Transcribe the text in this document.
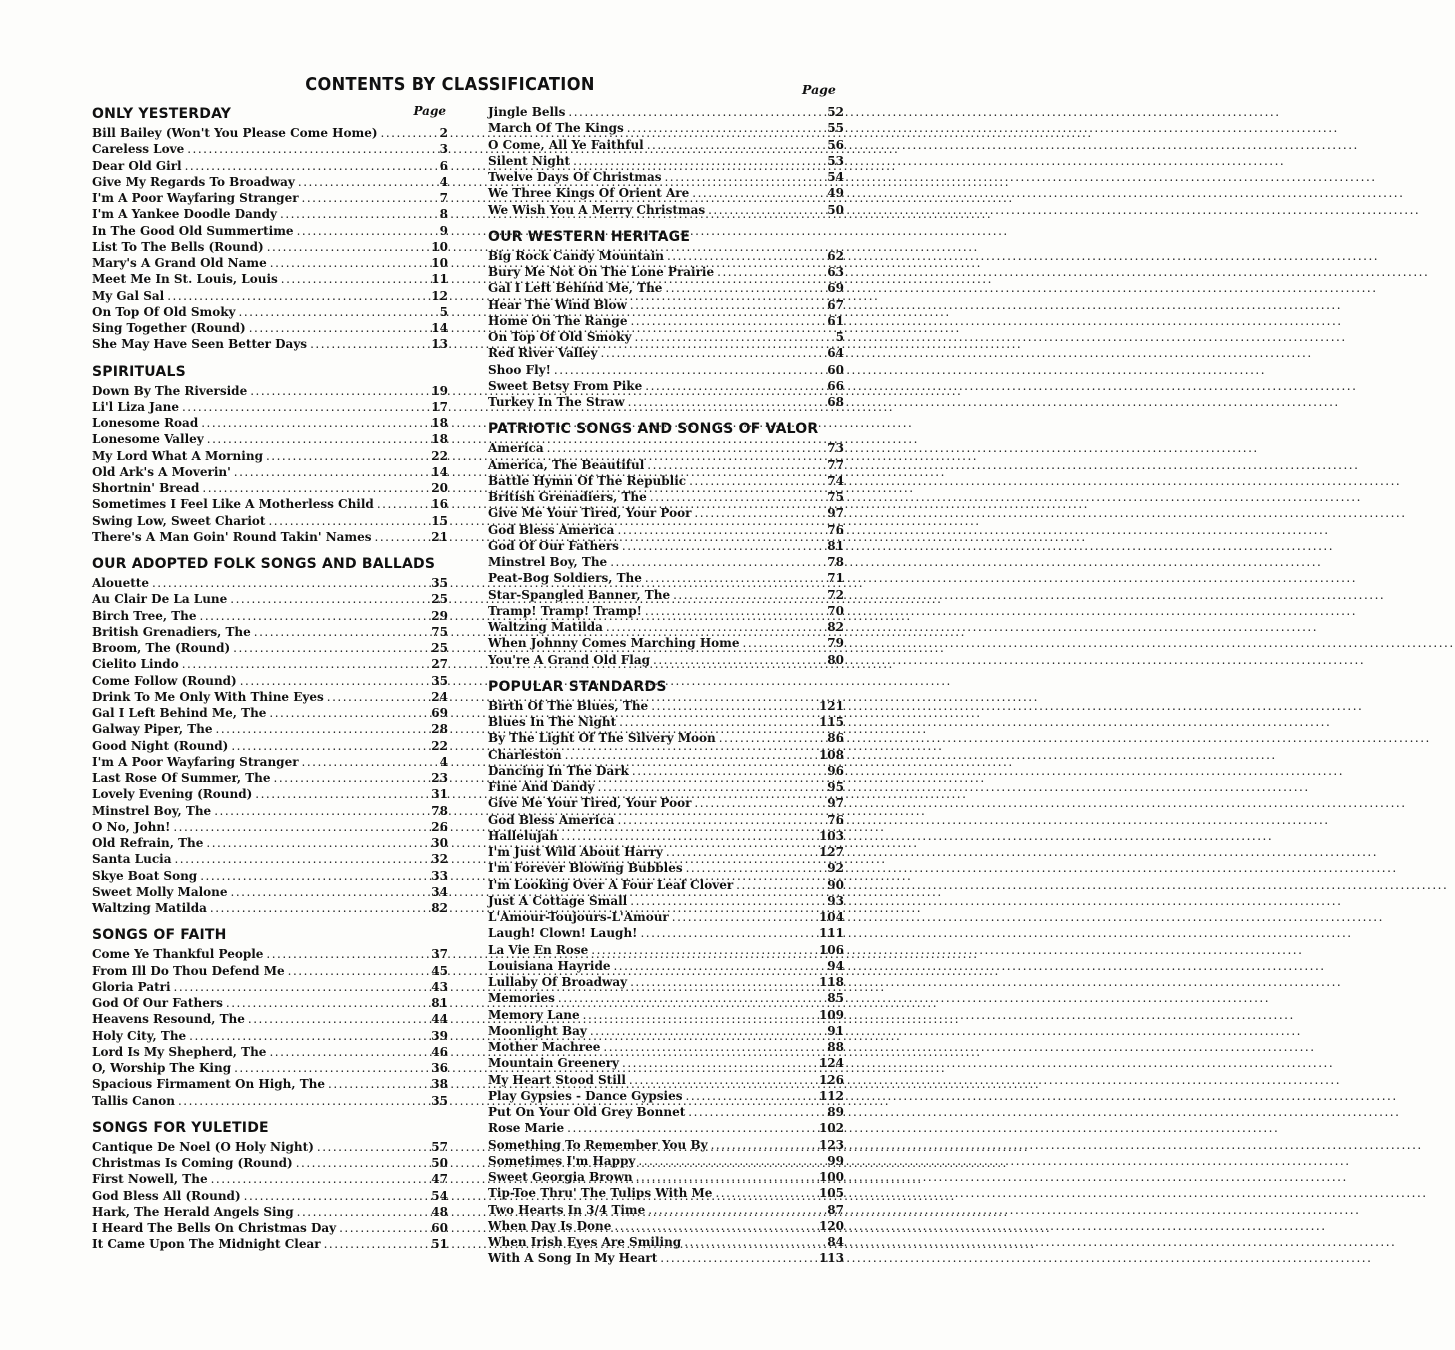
CONTENTS BY CLASSIFICATION	Page
ONLY YESTERDAY	Page
Bill Bailey (Won't You Please Come Home) .....	2
Careless Love .....	3
Dear Old Girl .....	6
Give My Regards To Broadway .....	4
I'm A Poor Wayfaring Stranger .....	7
I'm A Yankee Doodle Dandy .....	8
In The Good Old Summertime .....	9
List To The Bells (Round) .....	10
Mary's A Grand Old Name .....	10
Meet Me In St. Louis, Louis .....	11
My Gal Sal .....	12
On Top Of Old Smoky .....	5
Sing Together (Round) .....	14
She May Have Seen Better Days .....	13
SPIRITUALS
Down By The Riverside .....	19
Li'l Liza Jane .....	17
Lonesome Road .....	18
Lonesome Valley .....	18
My Lord What A Morning .....	22
Old Ark's A Moverin' .....	14
Shortnin' Bread .....	20
Sometimes I Feel Like A Motherless Child .....	16
Swing Low, Sweet Chariot .....	15
There's A Man Goin' Round Takin' Names .....	21
OUR ADOPTED FOLK SONGS AND BALLADS
Alouette .....	35
Au Clair De La Lune .....	25
Birch Tree, The .....	29
British Grenadiers, The .....	75
Broom, The (Round) .....	25
Cielito Lindo .....	27
Come Follow (Round) .....	35
Drink To Me Only With Thine Eyes .....	24
Gal I Left Behind Me, The .....	69
Galway Piper, The .....	28
Good Night (Round) .....	22
I'm A Poor Wayfaring Stranger .....	4
Last Rose Of Summer, The .....	23
Lovely Evening (Round) .....	31
Minstrel Boy, The .....	78
O No, John! .....	26
Old Refrain, The .....	30
Santa Lucia .....	32
Skye Boat Song .....	33
Sweet Molly Malone .....	34
Waltzing Matilda .....	82
SONGS OF FAITH
Come Ye Thankful People .....	37
From Ill Do Thou Defend Me .....	45
Gloria Patri .....	43
God Of Our Fathers .....	81
Heavens Resound, The .....	44
Holy City, The .....	39
Lord Is My Shepherd, The .....	46
O, Worship The King .....	36
Spacious Firmament On High, The .....	38
Tallis Canon .....	35
SONGS FOR YULETIDE
Cantique De Noel (O Holy Night) .....	57
Christmas Is Coming (Round) .....	50
First Nowell, The .....	47
God Bless All (Round) .....	54
Hark, The Herald Angels Sing .....	48
I Heard The Bells On Christmas Day .....	60
It Came Upon The Midnight Clear .....	51
Jingle Bells .....	52
March Of The Kings .....	55
O Come, All Ye Faithful .....	56
Silent Night .....	53
Twelve Days Of Christmas .....	54
We Three Kings Of Orient Are .....	49
We Wish You A Merry Christmas .....	50
OUR WESTERN HERITAGE
Big Rock Candy Mountain .....	62
Bury Me Not On The Lone Prairie .....	63
Gal I Left Behind Me, The .....	69
Hear The Wind Blow .....	67
Home On The Range .....	61
On Top Of Old Smoky .....	5
Red River Valley .....	64
Shoo Fly! .....	60
Sweet Betsy From Pike .....	66
Turkey In The Straw .....	68
PATRIOTIC SONGS AND SONGS OF VALOR
America .....	73
America, The Beautiful .....	77
Battle Hymn Of The Republic .....	74
British Grenadiers, The .....	75
Give Me Your Tired, Your Poor .....	97
God Bless America .....	76
God Of Our Fathers .....	81
Minstrel Boy, The .....	78
Peat-Bog Soldiers, The .....	71
Star-Spangled Banner, The .....	72
Tramp! Tramp! Tramp! .....	70
Waltzing Matilda .....	82
When Johnny Comes Marching Home .....	79
You're A Grand Old Flag .....	80
POPULAR STANDARDS
Birth Of The Blues, The .....	121
Blues In The Night .....	115
By The Light Of The Silvery Moon .....	86
Charleston .....	108
Dancing In The Dark .....	96
Fine And Dandy .....	95
Give Me Your Tired, Your Poor .....	97
God Bless America .....	76
Hallelujah .....	103
I'm Just Wild About Harry .....	127
I'm Forever Blowing Bubbles .....	92
I'm Looking Over A Four Leaf Clover .....	90
Just A Cottage Small .....	93
L'Amour-Toujours-L'Amour .....	104
Laugh! Clown! Laugh! .....	111
La Vie En Rose .....	106
Louisiana Hayride .....	94
Lullaby Of Broadway .....	118
Memories .....	85
Memory Lane .....	109
Moonlight Bay .....	91
Mother Machree .....	88
Mountain Greenery .....	124
My Heart Stood Still .....	126
Play Gypsies - Dance Gypsies .....	112
Put On Your Old Grey Bonnet .....	89
Rose Marie .....	102
Something To Remember You By .....	123
Sometimes I'm Happy .....	99
Sweet Georgia Brown .....	100
Tip-Toe Thru' The Tulips With Me .....	105
Two Hearts In 3/4 Time .....	87
When Day Is Done .....	120
When Irish Eyes Are Smiling .....	84
With A Song In My Heart .....	113
